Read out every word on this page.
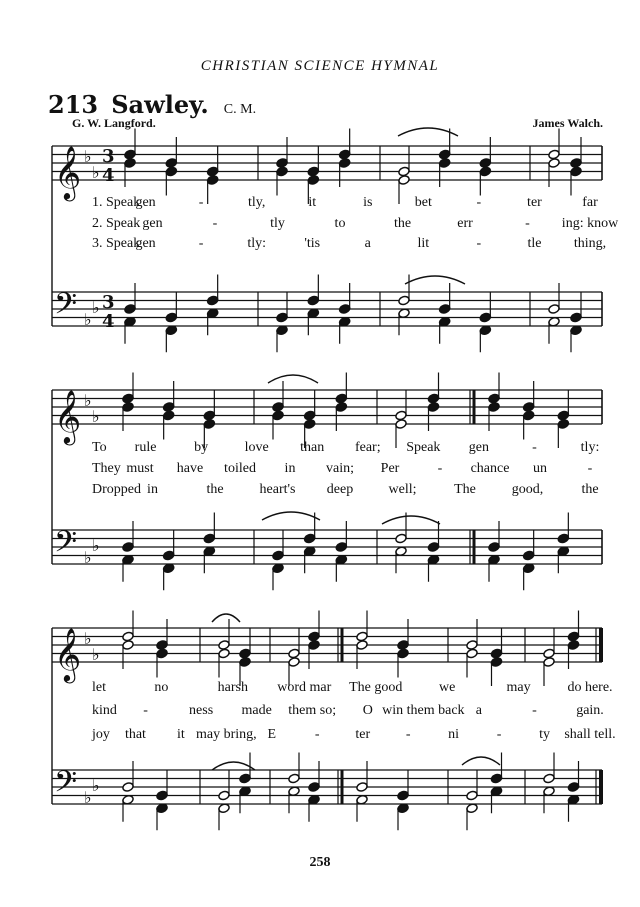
CHRISTIAN SCIENCE HYMNAL
213 Sawley. C. M.
G. W. Langford.	James Walch.
𝄞
𝄢
♭
♭
♭
♭
3
4
3
4
𝄞
𝄢
♭
♭
♭
♭
𝄞
𝄢
♭
♭
♭
♭
1. Speak
gen	-	tly,	it	is	bet	-	ter	far
2. Speak gen	-	tly	to	the	err	- ing: know
3. Speak
gen	-	tly:	'tis	a	lit	-	tle thing,
To rule	by	love than fear; Speak gen	-	tly:
They must have toiled in vain; Per	- chance un	-
Dropped in	the	heart's deep	well;	The	good,	the
let	no	harsh word mar The good	we	may	do here.
kind -	ness made them so; O win them back a	-	gain.
joy that it may bring, E	-	ter	-	ni	-	ty shall tell.
258
